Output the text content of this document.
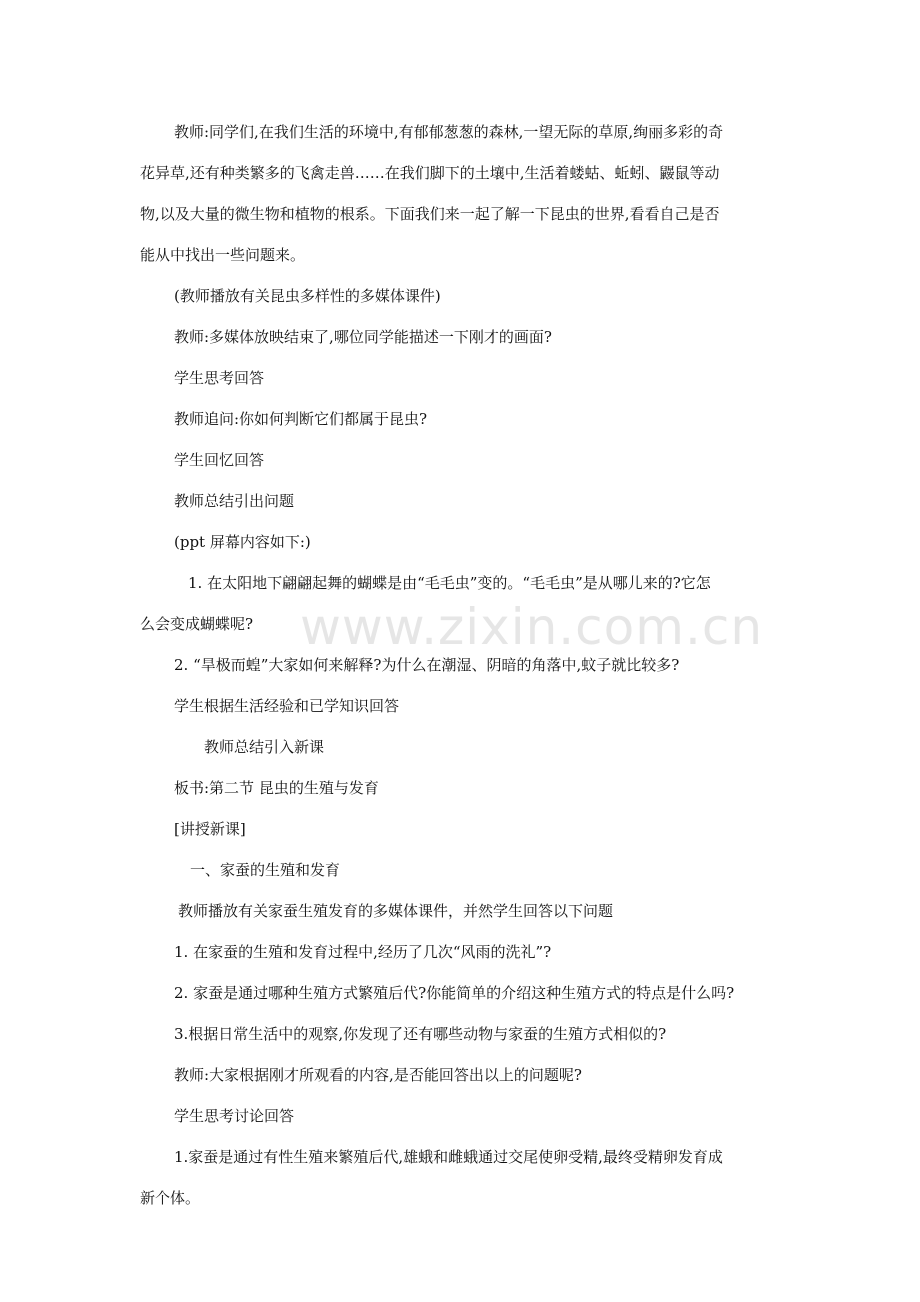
www.zixin.com.cn

教师:同学们,在我们生活的环境中,有郁郁葱葱的森林,一望无际的草原,绚丽多彩的奇

花异草,还有种类繁多的飞禽走兽……在我们脚下的土壤中,生活着蝼蛄、蚯蚓、鼹鼠等动

物,以及大量的微生物和植物的根系。下面我们来一起了解一下昆虫的世界,看看自己是否

能从中找出一些问题来。

(教师播放有关昆虫多样性的多媒体课件)

教师:多媒体放映结束了,哪位同学能描述一下刚才的画面?

学生思考回答

教师追问:你如何判断它们都属于昆虫?

学生回忆回答

教师总结引出问题

(ppt 屏幕内容如下:)

1. 在太阳地下翩翩起舞的蝴蝶是由“毛毛虫”变的。“毛毛虫”是从哪儿来的?它怎

么会变成蝴蝶呢?

2. “旱极而蝗”大家如何来解释?为什么在潮湿、阴暗的角落中,蚊子就比较多?

学生根据生活经验和已学知识回答

教师总结引入新课

板书:第二节 昆虫的生殖与发育

[讲授新课]

一、家蚕的生殖和发育

教师播放有关家蚕生殖发育的多媒体课件，并然学生回答以下问题

1. 在家蚕的生殖和发育过程中,经历了几次“风雨的洗礼”?

2. 家蚕是通过哪种生殖方式繁殖后代?你能简单的介绍这种生殖方式的特点是什么吗?

3.根据日常生活中的观察,你发现了还有哪些动物与家蚕的生殖方式相似的?

教师:大家根据刚才所观看的内容,是否能回答出以上的问题呢?

学生思考讨论回答

1.家蚕是通过有性生殖来繁殖后代,雄蛾和雌蛾通过交尾使卵受精,最终受精卵发育成

新个体。
